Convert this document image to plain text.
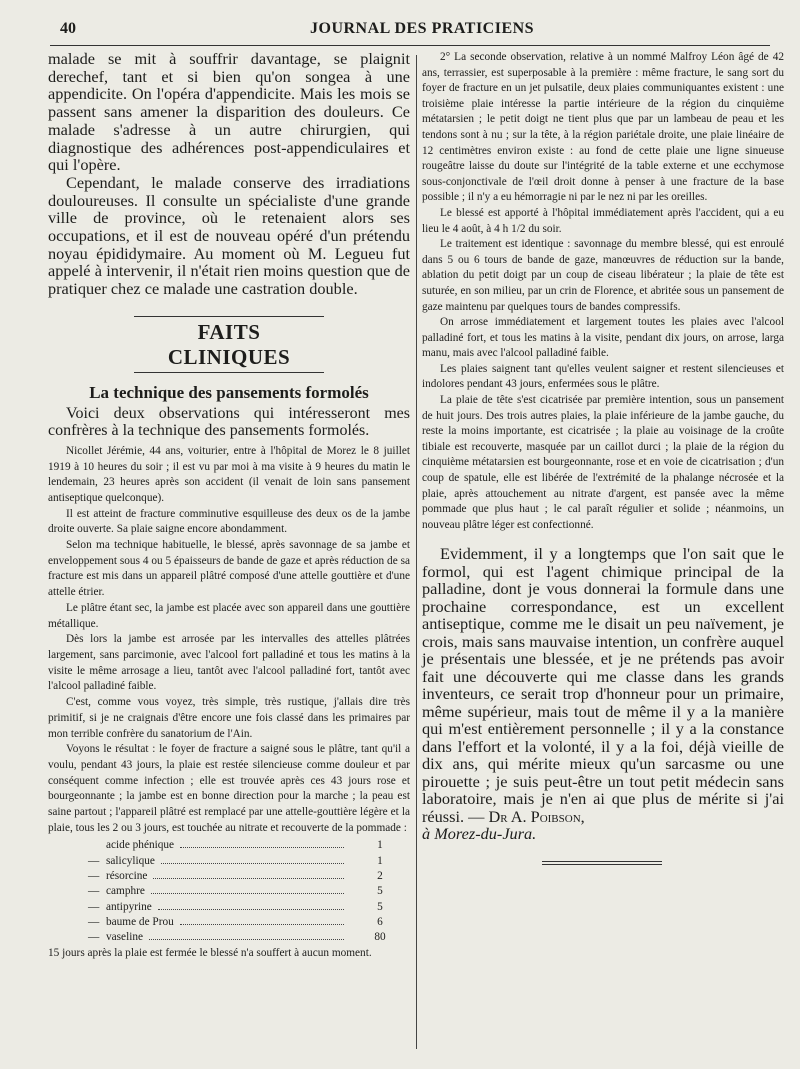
40	JOURNAL DES PRATICIENS

malade se mit à souffrir davantage, se plaignit derechef, tant et si bien qu'on songea à une appendicite. On l'opéra d'appendicite. Mais les mois se passent sans amener la disparition des douleurs. Ce malade s'adresse à un autre chirurgien, qui diagnostique des adhérences post-appendiculaires et qui l'opère.

Cependant, le malade conserve des irradiations douloureuses. Il consulte un spécialiste d'une grande ville de province, où le retenaient alors ses occupations, et il est de nouveau opéré d'un prétendu noyau épididymaire. Au moment où M. Legueu fut appelé à intervenir, il n'était rien moins question que de pratiquer chez ce malade une castration double.

FAITS CLINIQUES
La technique des pansements formolés

Voici deux observations qui intéresseront mes confrères à la technique des pansements formolés.

Nicollet Jérémie, 44 ans, voiturier, entre à l'hôpital de Morez le 8 juillet 1919 à 10 heures du soir ; il est vu par moi à ma visite à 9 heures du matin le lendemain, 23 heures après son accident (il venait de loin sans pansement antiseptique quelconque).

Il est atteint de fracture comminutive esquilleuse des deux os de la jambe droite ouverte. Sa plaie saigne encore abondamment.

Selon ma technique habituelle, le blessé, après savonnage de sa jambe et enveloppement sous 4 ou 5 épaisseurs de bande de gaze et après réduction de sa fracture est mis dans un appareil plâtré composé d'une attelle gouttière et d'une attelle étrier.

Le plâtre étant sec, la jambe est placée avec son appareil dans une gouttière métallique.

Dès lors la jambe est arrosée par les intervalles des attelles plâtrées largement, sans parcimonie, avec l'alcool fort palladiné et tous les matins à la visite le même arrosage a lieu, tantôt avec l'alcool palladiné fort, tantôt avec l'alcool palladiné faible.

C'est, comme vous voyez, très simple, très rustique, j'allais dire très primitif, si je ne craignais d'être encore une fois classé dans les primaires par mon terrible confrère du sanatorium de l'Ain.

Voyons le résultat : le foyer de fracture a saigné sous le plâtre, tant qu'il a voulu, pendant 43 jours, la plaie est restée silencieuse comme douleur et par conséquent comme infection ; elle est trouvée après ces 43 jours rose et bourgeonnante ; la jambe est en bonne direction pour la marche ; la peau est saine partout ; l'appareil plâtré est remplacé par une attelle-gouttière légère et la plaie, tous les 2 ou 3 jours, est touchée au nitrate et recouverte de la pommade :

acide phénique	1
— salicylique	1
— résorcine	2
— camphre	5
— antipyrine	5
— baume de Prou	6
— vaseline	80

15 jours après la plaie est fermée le blessé n'a souffert à aucun moment.

2° La seconde observation, relative à un nommé Malfroy Léon âgé de 42 ans, terrassier, est superposable à la première : même fracture, le sang sort du foyer de fracture en un jet pulsatile, deux plaies communiquantes existent : une troisième plaie intéresse la partie intérieure de la région du cinquième métatarsien ; le petit doigt ne tient plus que par un lambeau de peau et les tendons sont à nu ; sur la tête, à la région pariétale droite, une plaie linéaire de 12 centimètres environ existe : au fond de cette plaie une ligne sinueuse rougeâtre laisse du doute sur l'intégrité de la table externe et une ecchymose sous-conjonctivale de l'œil droit donne à penser à une fracture de la base possible ; il n'y a eu hémorragie ni par le nez ni par les oreilles.

Le blessé est apporté à l'hôpital immédiatement après l'accident, qui a eu lieu le 4 août, à 4 h 1/2 du soir.

Le traitement est identique : savonnage du membre blessé, qui est enroulé dans 5 ou 6 tours de bande de gaze, manœuvres de réduction sur la bande, ablation du petit doigt par un coup de ciseau libérateur ; la plaie de tête est suturée, en son milieu, par un crin de Florence, et abritée sous un pansement de gaze maintenu par quelques tours de bandes compressifs.

On arrose immédiatement et largement toutes les plaies avec l'alcool palladiné fort, et tous les matins à la visite, pendant dix jours, on arrose, larga manu, mais avec l'alcool palladiné faible.

Les plaies saignent tant qu'elles veulent saigner et restent silencieuses et indolores pendant 43 jours, enfermées sous le plâtre.

La plaie de tête s'est cicatrisée par première intention, sous un pansement de huit jours. Des trois autres plaies, la plaie inférieure de la jambe gauche, du reste la moins importante, est cicatrisée ; la plaie au voisinage de la croûte tibiale est recouverte, masquée par un caillot durci ; la plaie de la région du cinquième métatarsien est bourgeonnante, rose et en voie de cicatrisation ; d'un coup de spatule, elle est libérée de l'extrémité de la phalange nécrosée et la plaie, après attouchement au nitrate d'argent, est pansée avec la même pommade que plus haut ; le cal paraît régulier et solide ; néanmoins, un nouveau plâtre léger est confectionné.

Evidemment, il y a longtemps que l'on sait que le formol, qui est l'agent chimique principal de la palladine, dont je vous donnerai la formule dans une prochaine correspondance, est un excellent antiseptique, comme me le disait un peu naïvement, je crois, mais sans mauvaise intention, un confrère auquel je présentais une blessée, et je ne prétends pas avoir fait une découverte qui me classe dans les grands inventeurs, ce serait trop d'honneur pour un primaire, même supérieur, mais tout de même il y a la manière qui m'est entièrement personnelle ; il y a la constance dans l'effort et la volonté, il y a la foi, déjà vieille de dix ans, qui mérite mieux qu'un sarcasme ou une pirouette ; je suis peut-être un tout petit médecin sans laboratoire, mais je n'en ai que plus de mérite si j'ai réussi. — Dr A. Poibson,
à Morez-du-Jura.
